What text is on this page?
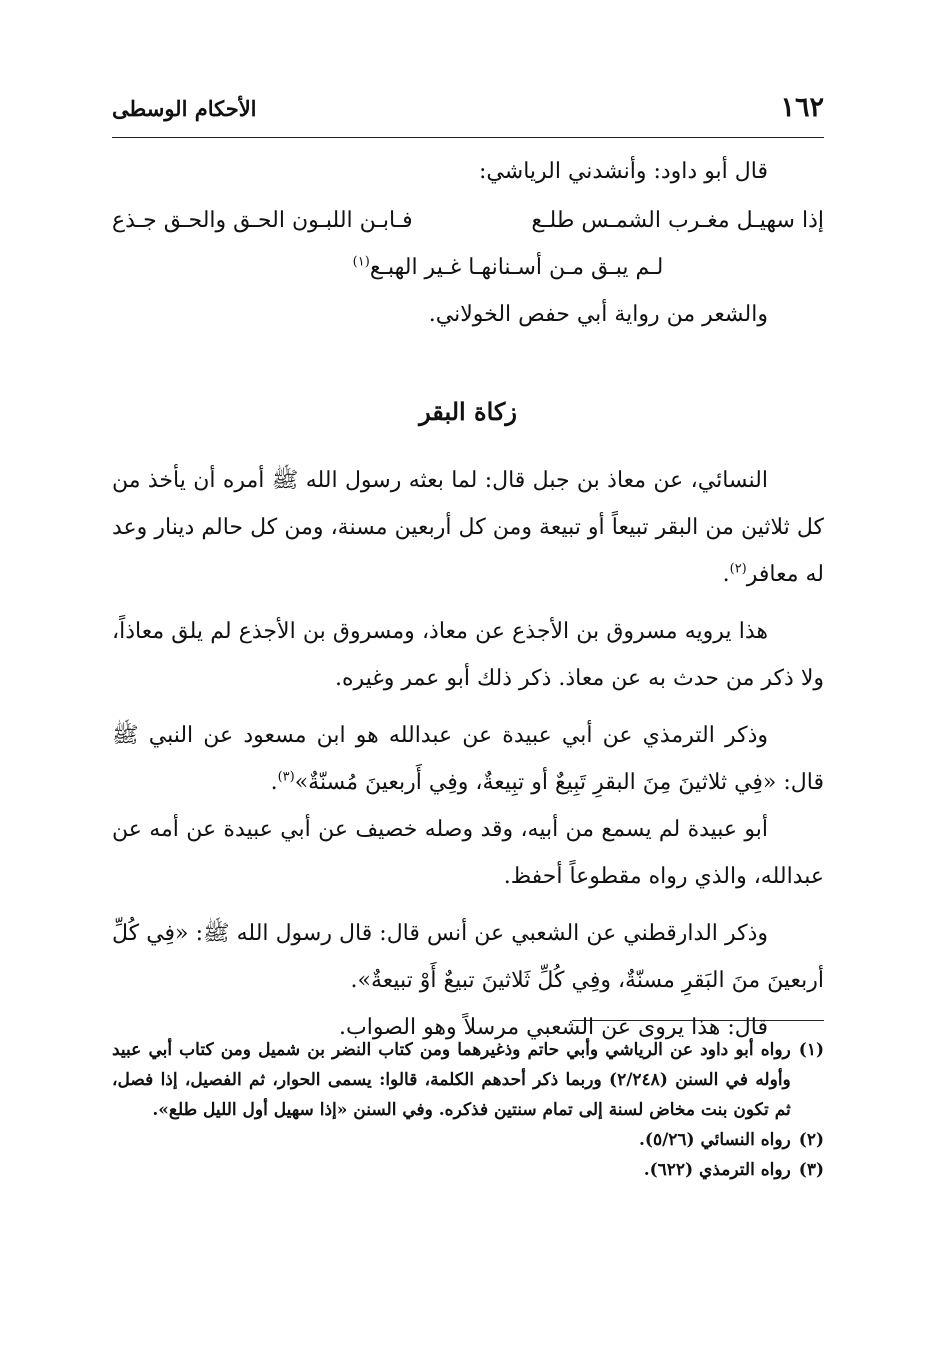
١٦٢
الأحكام الوسطى

قال أبو داود: وأنشدني الرياشي:

إذا سهيـل مغـرب الشمـس طلـع
فـابـن اللبـون الحـق والحـق جـذع
لـم يبـق مـن أسـنانهـا غـير الهبـع$^{(١)}$

والشعر من رواية أبي حفص الخولاني.

زكاة البقر

النسائي، عن معاذ بن جبل قال: لما بعثه رسول الله ﷺ أمره أن يأخذ من كل ثلاثين من البقر تبيعاً أو تبيعة ومن كل أربعين مسنة، ومن كل حالم دينار وعد له معافر$^{(٢)}$.

هذا يرويه مسروق بن الأجذع عن معاذ، ومسروق بن الأجذع لم يلق معاذاً، ولا ذكر من حدث به عن معاذ. ذكر ذلك أبو عمر وغيره.

وذكر الترمذي عن أبي عبيدة عن عبدالله هو ابن مسعود عن النبي ﷺ قال: «فِي ثلاثينَ مِنَ البقرِ تَبِيعٌ أو تبِيعةٌ، وفِي أَربعينَ مُسنّةٌ»$^{(٣)}$.

أبو عبيدة لم يسمع من أبيه، وقد وصله خصيف عن أبي عبيدة عن أمه عن عبدالله، والذي رواه مقطوعاً أحفظ.

وذكر الدارقطني عن الشعبي عن أنس قال: قال رسول الله ﷺ: «فِي كُلِّ أربعينَ منَ البَقرِ مسنّةٌ، وفِي كُلِّ ثَلاثينَ تبيعٌ أَوْ تبيعةٌ».

قال: هذا يروى عن الشعبي مرسلاً وهو الصواب.

(١)
رواه أبو داود عن الرياشي وأبي حاتم وذغيرهما ومن كتاب النضر بن شميل ومن كتاب أبي عبيد وأوله في السنن (٢/٢٤٨) وربما ذكر أحدهم الكلمة، قالوا: يسمى الحوار، ثم الفصيل، إذا فصل، ثم تكون بنت مخاض لسنة إلى تمام سنتين فذكره. وفي السنن «إذا سهيل أول الليل طلع».
(٢)
رواه النسائي (٥/٢٦).
(٣)
رواه الترمذي (٦٢٢).
